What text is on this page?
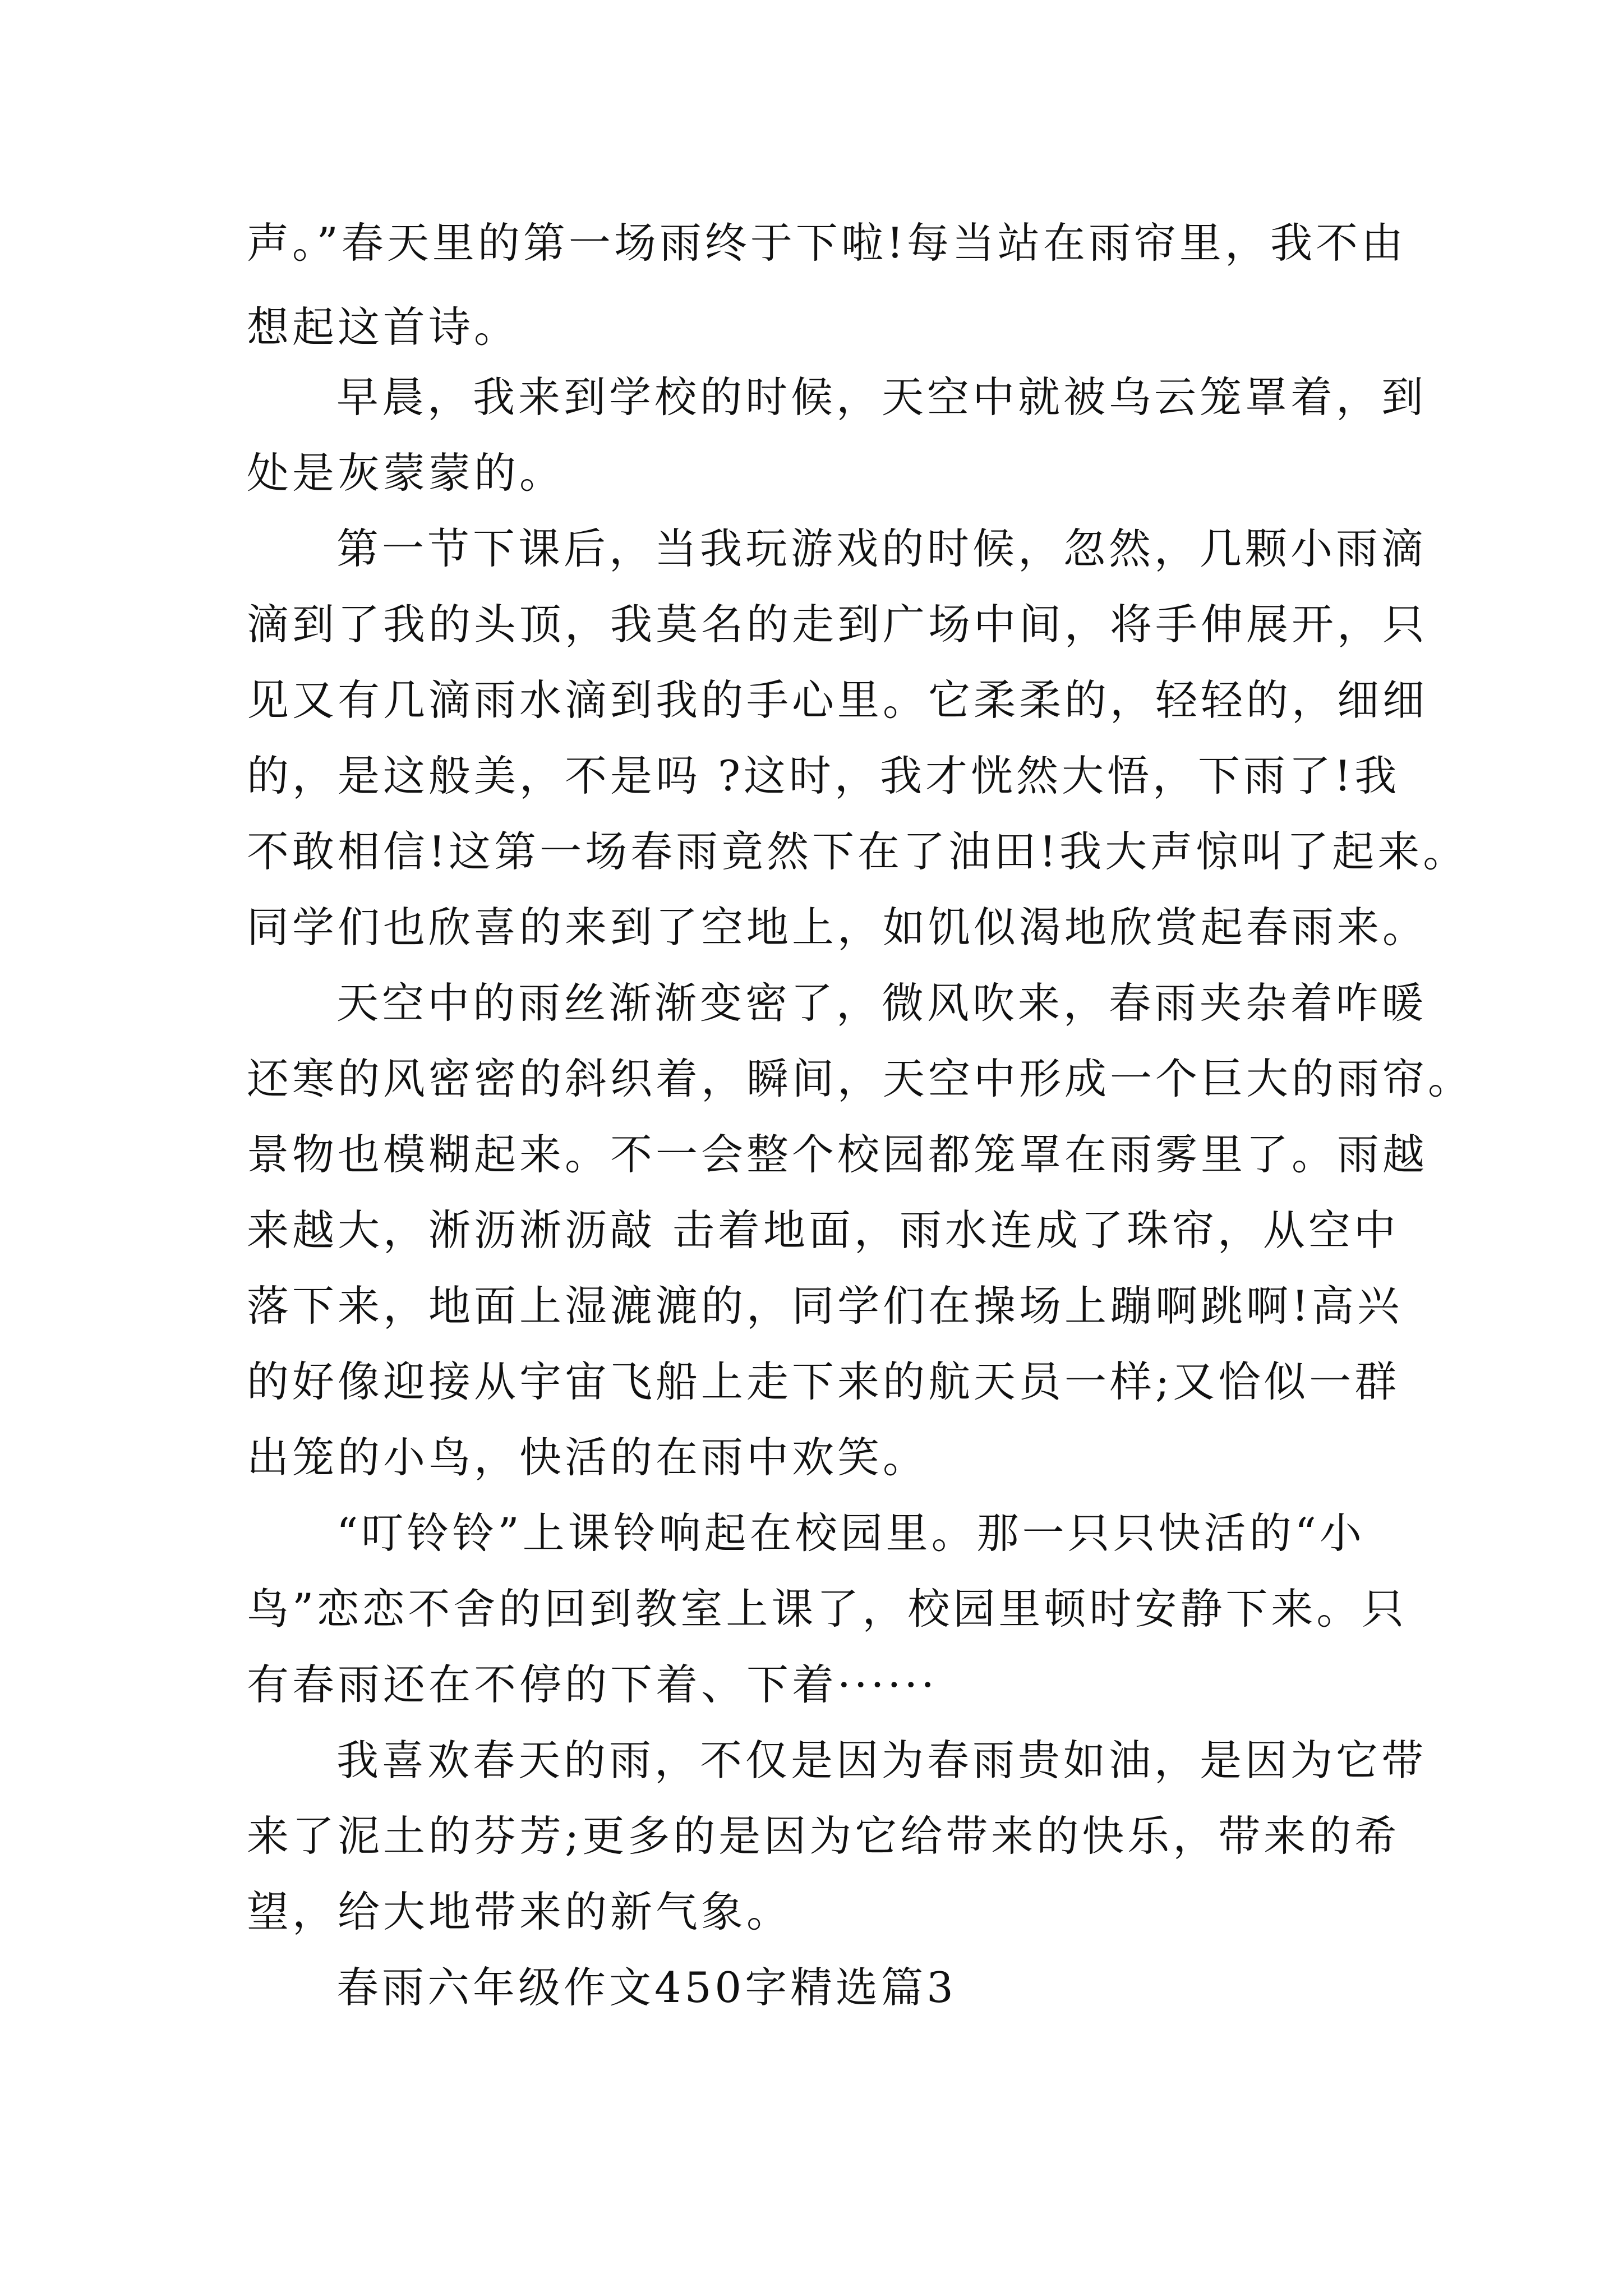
声。”春天里的第一场雨终于下啦!每当站在雨帘里，我不由
想起这首诗。
早晨，我来到学校的时候，天空中就被乌云笼罩着，到
处是灰蒙蒙的。
第一节下课后，当我玩游戏的时候，忽然，几颗小雨滴
滴到了我的头顶，我莫名的走到广场中间，将手伸展开，只
见又有几滴雨水滴到我的手心里。它柔柔的，轻轻的，细细
的，是这般美，不是吗 ?这时，我才恍然大悟，下雨了!我
不敢相信!这第一场春雨竟然下在了油田!我大声惊叫了起来。
同学们也欣喜的来到了空地上，如饥似渴地欣赏起春雨来。
天空中的雨丝渐渐变密了，微风吹来，春雨夹杂着咋暖
还寒的风密密的斜织着，瞬间，天空中形成一个巨大的雨帘。
景物也模糊起来。不一会整个校园都笼罩在雨雾里了。雨越
来越大，淅沥淅沥敲 击着地面，雨水连成了珠帘，从空中
落下来，地面上湿漉漉的，同学们在操场上蹦啊跳啊!高兴
的好像迎接从宇宙飞船上走下来的航天员一样;又恰似一群
出笼的小鸟，快活的在雨中欢笑。
“叮铃铃”上课铃响起在校园里。那一只只快活的“小
鸟”恋恋不舍的回到教室上课了，校园里顿时安静下来。只
有春雨还在不停的下着、下着······
我喜欢春天的雨，不仅是因为春雨贵如油，是因为它带
来了泥土的芬芳;更多的是因为它给带来的快乐，带来的希
望，给大地带来的新气象。
春雨六年级作文450字精选篇3
